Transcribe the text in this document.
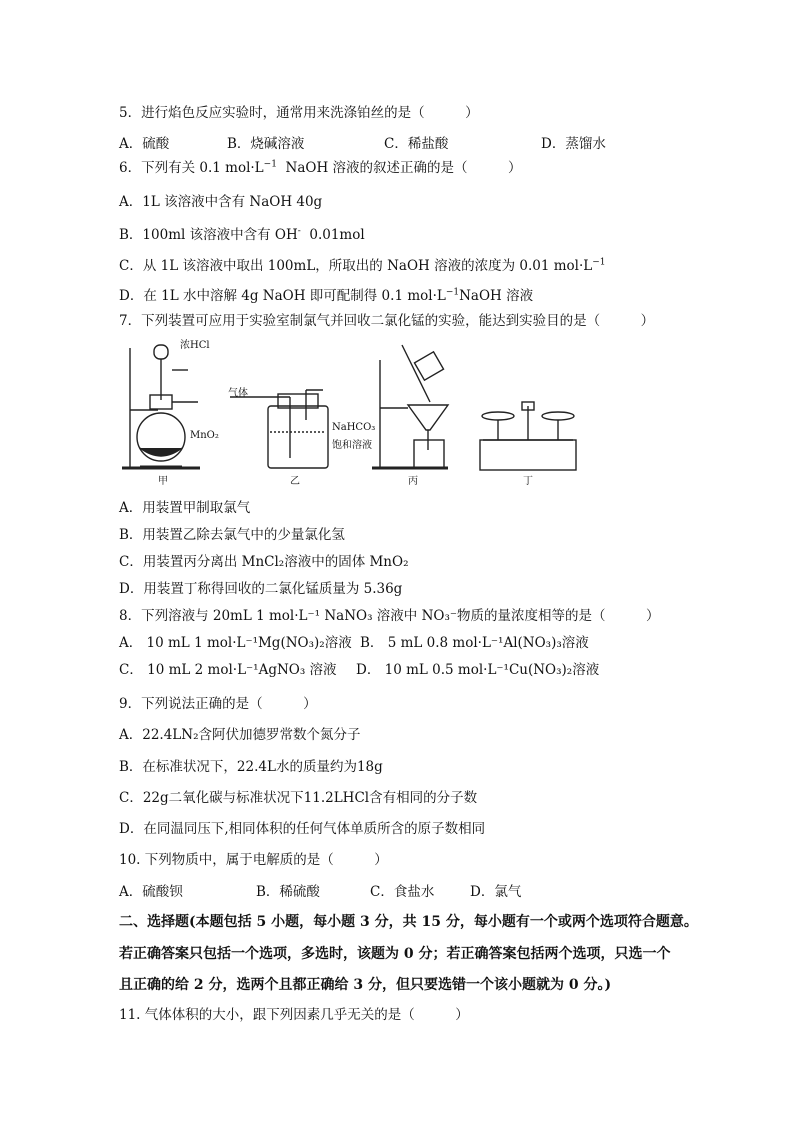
5．进行焰色反应实验时，通常用来洗涤铂丝的是（　　　）
A．硫酸	B．烧碱溶液	C．稀盐酸	D．蒸馏水
6．下列有关 0.1 $mol\cdot L^{-1}$ NaOH 溶液的叙述正确的是（　　　）
A．1L 该溶液中含有 NaOH 40g
B．100ml 该溶液中含有 OH- 0.01mol
C．从 1L 该溶液中取出 100mL，所取出的 NaOH 溶液的浓度为 0.01 $mol\cdot L^{-1}$
D．在 1L 水中溶解 4g NaOH 即可配制得 0.1 $mol\cdot L^{-1}NaOH$ 溶液
7．下列装置可应用于实验室制氯气并回收二氯化锰的实验，能达到实验目的是（　　　）
浓HCl
MnO₂
气体
NaHCO₃
饱和溶液
甲	乙	丙	丁
A．用装置甲制取氯气
B．用装置乙除去氯气中的少量氯化氢
C．用装置丙分离出 MnCl₂溶液中的固体 MnO₂
D．用装置丁称得回收的二氯化锰质量为 5.36g
8．下列溶液与 20mL 1 mol·L⁻¹ NaNO₃ 溶液中 NO₃⁻物质的量浓度相等的是（　　　）
A． 10 mL 1 mol·L⁻¹Mg(NO₃)₂溶液 B． 5 mL 0.8 mol·L⁻¹Al(NO₃)₃溶液
C． 10 mL 2 mol·L⁻¹AgNO₃ 溶液 D． 10 mL 0.5 mol·L⁻¹Cu(NO₃)₂溶液
9．下列说法正确的是（　　　）
A．22.4LN₂含阿伏加德罗常数个氮分子
B．在标准状况下，22.4L水的质量约为18g
C．22g二氧化碳与标准状况下11.2LHCl含有相同的分子数
D．在同温同压下,相同体积的任何气体单质所含的原子数相同
10. 下列物质中，属于电解质的是（　　　）
A．硫酸钡	B．稀硫酸	C．食盐水	D．氯气
二、选择题(本题包括 5 小题，每小题 3 分，共 15 分，每小题有一个或两个选项符合题意。
若正确答案只包括一个选项，多选时，该题为 0 分；若正确答案包括两个选项，只选一个
且正确的给 2 分，选两个且都正确给 3 分，但只要选错一个该小题就为 0 分。)
11. 气体体积的大小，跟下列因素几乎无关的是（　　　）
